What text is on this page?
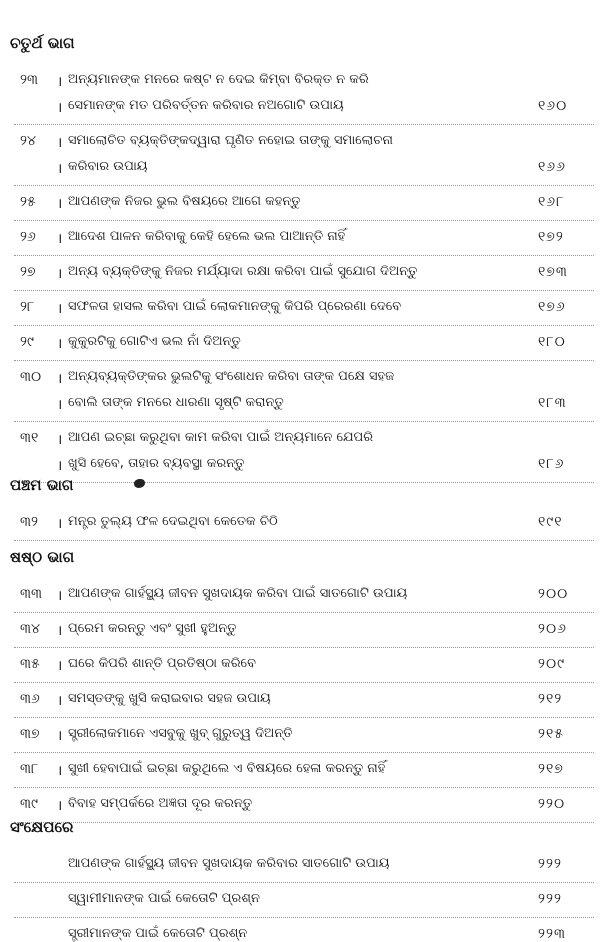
ଚତୁର୍ଥ ଭାଗ
୨୩ । ଅନ୍ୟମାନଙ୍କ ମନରେ କଷ୍ଟ ନ ଦେଇ କିମ୍ବା ବିରକ୍ତ ନ କରି
। ସେମାନଙ୍କ ମତ ପରିବର୍ତ୍ତନ କରିବାର ନଅଗୋଟି ଉପାୟ	୧୬୦
୨୪ । ସମାଲୋଚିତ ବ୍ୟକ୍ତିଙ୍କଦ୍ୱାରା ଘୃଣିତ ନହୋଇ ତାଙ୍କୁ ସମାଲୋଚନା
। କରିବାର ଉପାୟ	୧୬୬
୨୫ । ଆପଣଙ୍କ ନିଜର ଭୁଲ ବିଷୟରେ ଆଗେ କହନ୍ତୁ	୧୬୮
୨୬ । ଆଦେଶ ପାଳନ କରିବାକୁ କେହି ହେଲେ ଭଲ ପାଆନ୍ତି ନାହିଁ	୧୭୨
୨୭ । ଅନ୍ୟ ବ୍ୟକ୍ତିଙ୍କୁ ନିଜର ମର୍ଯ୍ୟାଦା ରକ୍ଷା କରିବା ପାଇଁ ସୁଯୋଗ ଦିଅନ୍ତୁ	୧୭୩
୨୮ । ସଫଳତା ହାସଲ କରିବା ପାଇଁ ଲୋକମାନଙ୍କୁ କିପରି ପ୍ରେରଣା ଦେବେ	୧୭୬
୨୯ । କୁକୁରଟିକୁ ଗୋଟିଏ ଭଲ ନାଁ ଦିଅନ୍ତୁ	୧୮୦
୩୦ । ଅନ୍ୟବ୍ୟକ୍ତିଙ୍କର ଭୁଲଟିକୁ ସଂଶୋଧନ କରିବା ତାଙ୍କ ପକ୍ଷେ ସହଜ
। ବୋଲି ତାଙ୍କ ମନରେ ଧାରଣା ସୃଷ୍ଟି କରାନ୍ତୁ	୧୮୩
୩୧ । ଆପଣ ଇଚ୍ଛା କରୁଥିବା କାମ କରିବା ପାଇଁ ଅନ୍ୟମାନେ ଯେପରି
। ଖୁସି ହେବେ, ତାହାର ବ୍ୟବସ୍ଥା କରନ୍ତୁ	୧୮୬
ପଞ୍ଚମ ଭାଗ
୩୨ । ମନ୍ତ୍ର ତୁଲ୍ୟ ଫଳ ଦେଇଥିବା କେତେକ ଚିଠି	୧୯୧
ଷଷ୍ଠ ଭାଗ
୩୩ । ଆପଣଙ୍କ ଗାର୍ହସ୍ଥ୍ୟ ଜୀବନ ସୁଖଦାୟକ କରିବା ପାଇଁ ସାତଗୋଟି ଉପାୟ	୨୦୦
୩୪ । ପ୍ରେମ କରନ୍ତୁ ଏବଂ ସୁଖୀ ହୁଅନ୍ତୁ	୨୦୬
୩୫ । ଘରେ କିପରି ଶାନ୍ତି ପ୍ରତିଷ୍ଠା କରିବେ	୨୦୯
୩୬ । ସମସ୍ତଙ୍କୁ ଖୁସି କରାଇବାର ସହଜ ଉପାୟ	୨୧୨
୩୭ । ସ୍ତ୍ରୀଲୋକମାନେ ଏସବୁକୁ ଖୁବ୍ ଗୁରୁତ୍ୱ ଦିଅନ୍ତି	୨୧୫
୩୮ । ସୁଖୀ ହେବାପାଇଁ ଇଚ୍ଛା କରୁଥିଲେ ଏ ବିଷୟରେ ହେଳା କରନ୍ତୁ ନାହିଁ	୨୧୭
୩୯ । ବିବାହ ସମ୍ପର୍କରେ ଅଜ୍ଞତା ଦୂର କରନ୍ତୁ	୨୨୦
ସଂକ୍ଷେପରେ
ଆପଣଙ୍କ ଗାର୍ହସ୍ଥ୍ୟ ଜୀବନ ସୁଖଦାୟକ କରିବାର ସାତଗୋଟି ଉପାୟ	୨୨୨
ସ୍ୱାମୀମାନଙ୍କ ପାଇଁ କେତୋଟି ପ୍ରଶ୍ନ	୨୨୨
ସ୍ତ୍ରୀମାନଙ୍କ ପାଇଁ କେତୋଟି ପ୍ରଶ୍ନ	୨୨୩
